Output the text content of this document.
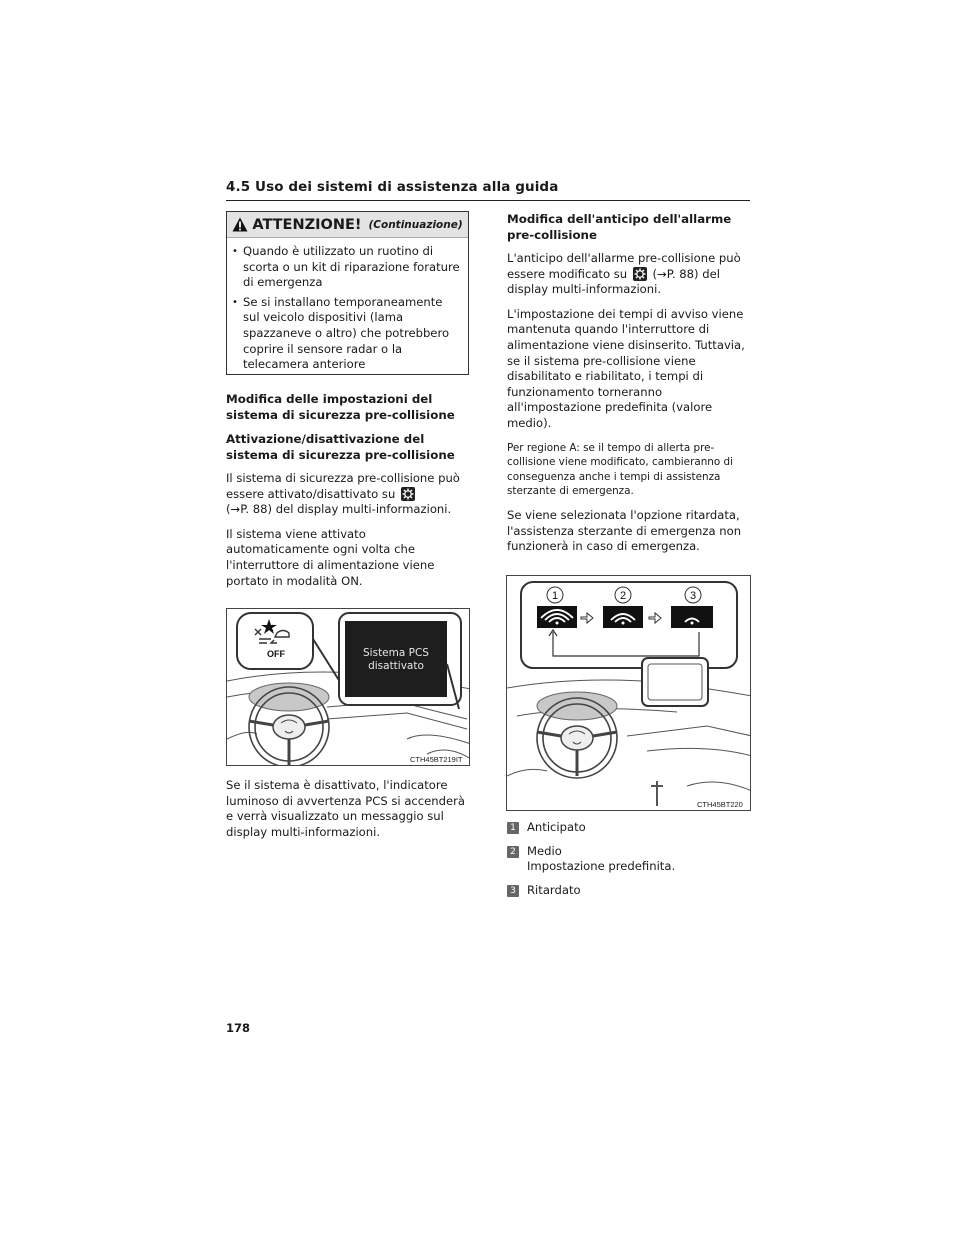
4.5 Uso dei sistemi di assistenza alla guida
ATTENZIONE! (Continuazione)
• Quando è utilizzato un ruotino di scorta o un kit di riparazione forature di emergenza
• Se si installano temporaneamente sul veicolo dispositivi (lama spazzaneve o altro) che potrebbero coprire il sensore radar o la telecamera anteriore

Modifica delle impostazioni del sistema di sicurezza pre-collisione

Attivazione/disattivazione del sistema di sicurezza pre-collisione

Il sistema di sicurezza pre-collisione può essere attivato/disattivato su

(→P. 88) del display multi-informazioni.

Il sistema viene attivato automaticamente ogni volta che l'interruttore di alimentazione viene portato in modalità ON.

OFF	Sistema PCS
disattivato
CTH45BT219IT

Se il sistema è disattivato, l'indicatore luminoso di avvertenza PCS si accenderà e verrà visualizzato un messaggio sul display multi-informazioni.

Modifica dell'anticipo dell'allarme pre-collisione

L'anticipo dell'allarme pre-collisione può essere modificato su (→P. 88) del display multi-informazioni.

L'impostazione dei tempi di avviso viene mantenuta quando l'interruttore di alimentazione viene disinserito. Tuttavia, se il sistema pre-collisione viene disabilitato e riabilitato, i tempi di funzionamento torneranno all'impostazione predefinita (valore medio).

Per regione A: se il tempo di allerta pre-collisione viene modificato, cambieranno di conseguenza anche i tempi di assistenza sterzante di emergenza.

Se viene selezionata l'opzione ritardata, l'assistenza sterzante di emergenza non funzionerà in caso di emergenza.

1	2	3
CTH45BT220
1 Anticipato
2 Medio
Impostazione predefinita.
3 Ritardato
178
